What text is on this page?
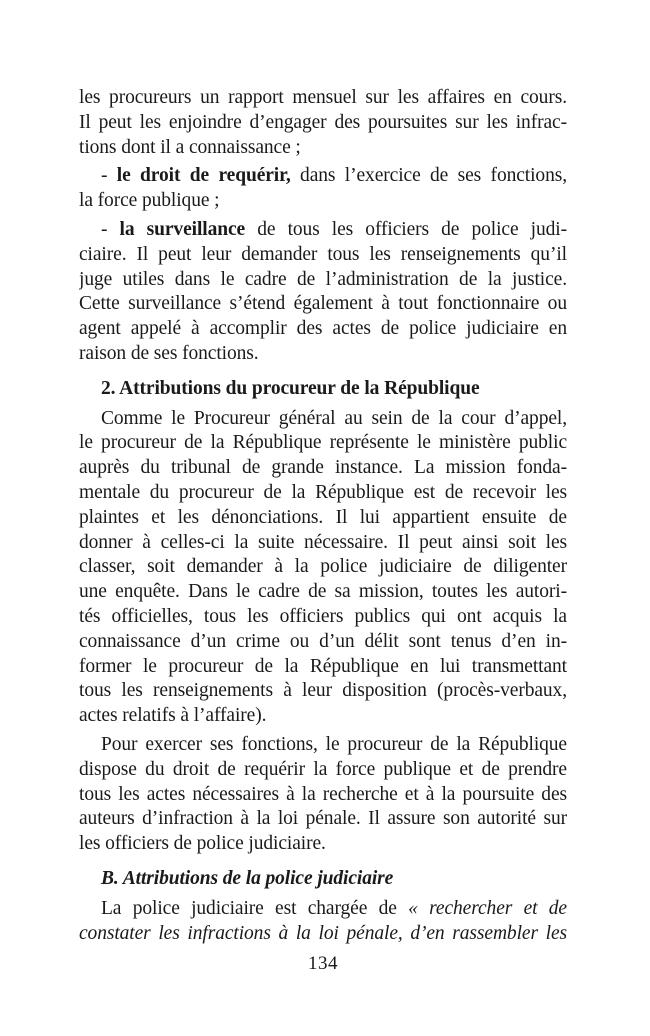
les procureurs un rapport mensuel sur les affaires en cours.
Il peut les enjoindre d’engager des poursuites sur les infrac-
tions dont il a connaissance ;
- le droit de requérir, dans l’exercice de ses fonctions,
la force publique ;
- la surveillance de tous les officiers de police judi-
ciaire. Il peut leur demander tous les renseignements qu’il
juge utiles dans le cadre de l’administration de la justice.
Cette surveillance s’étend également à tout fonctionnaire ou
agent appelé à accomplir des actes de police judiciaire en
raison de ses fonctions.
2. Attributions du procureur de la République
Comme le Procureur général au sein de la cour d’appel,
le procureur de la République représente le ministère public
auprès du tribunal de grande instance. La mission fonda-
mentale du procureur de la République est de recevoir les
plaintes et les dénonciations. Il lui appartient ensuite de
donner à celles-ci la suite nécessaire. Il peut ainsi soit les
classer, soit demander à la police judiciaire de diligenter
une enquête. Dans le cadre de sa mission, toutes les autori-
tés officielles, tous les officiers publics qui ont acquis la
connaissance d’un crime ou d’un délit sont tenus d’en in-
former le procureur de la République en lui transmettant
tous les renseignements à leur disposition (procès-verbaux,
actes relatifs à l’affaire).
Pour exercer ses fonctions, le procureur de la République
dispose du droit de requérir la force publique et de prendre
tous les actes nécessaires à la recherche et à la poursuite des
auteurs d’infraction à la loi pénale. Il assure son autorité sur
les officiers de police judiciaire.
B. Attributions de la police judiciaire
La police judiciaire est chargée de « rechercher et de
constater les infractions à la loi pénale, d’en rassembler les
134
